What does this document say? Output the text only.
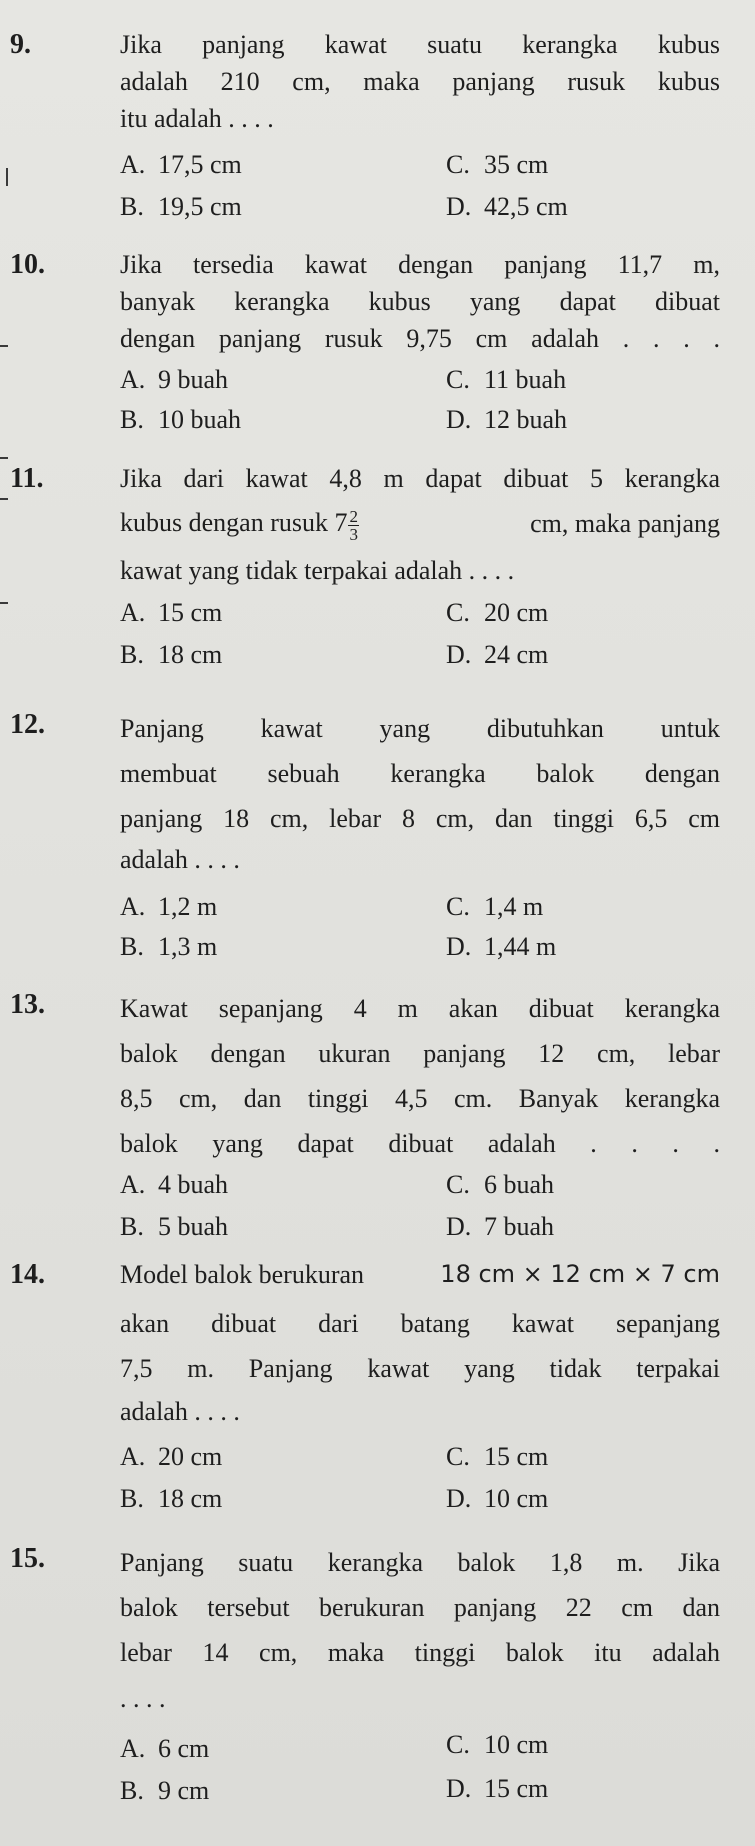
9.	Jika panjang kawat suatu kerangka kubus
adalah 210 cm, maka panjang rusuk kubus
itu adalah . . . .
A. 17,5 cm	C. 35 cm
B. 19,5 cm	D. 42,5 cm
10.	Jika tersedia kawat dengan panjang 11,7 m,
banyak kerangka kubus yang dapat dibuat
dengan panjang rusuk 9,75 cm adalah . . . .
A. 9 buah	C. 11 buah
B. 10 buah	D. 12 buah
11.	Jika dari kawat 4,8 m dapat dibuat 5 kerangka
kubus dengan rusuk $7 \frac{2}{3}$	cm, maka panjang
kawat yang tidak terpakai adalah . . . .
A. 15 cm	C. 20 cm
B. 18 cm	D. 24 cm
12.	Panjang kawat yang dibutuhkan untuk
membuat sebuah kerangka balok dengan
panjang 18 cm, lebar 8 cm, dan tinggi 6,5 cm
adalah . . . .
A. 1,2 m	C. 1,4 m
B. 1,3 m	D. 1,44 m
13.	Kawat sepanjang 4 m akan dibuat kerangka
balok dengan ukuran panjang 12 cm, lebar
8,5 cm, dan tinggi 4,5 cm. Banyak kerangka
balok yang dapat dibuat adalah . . . .
A. 4 buah	C. 6 buah
B. 5 buah	D. 7 buah
14.	Model balok berukuran	18 cm × 12 cm × 7 cm
akan dibuat dari batang kawat sepanjang
7,5 m. Panjang kawat yang tidak terpakai
adalah . . . .
A. 20 cm	C. 15 cm
B. 18 cm	D. 10 cm
15.	Panjang suatu kerangka balok 1,8 m. Jika
balok tersebut berukuran panjang 22 cm dan
lebar 14 cm, maka tinggi balok itu adalah
. . . .
A. 6 cm	C. 10 cm
B. 9 cm	D. 15 cm
